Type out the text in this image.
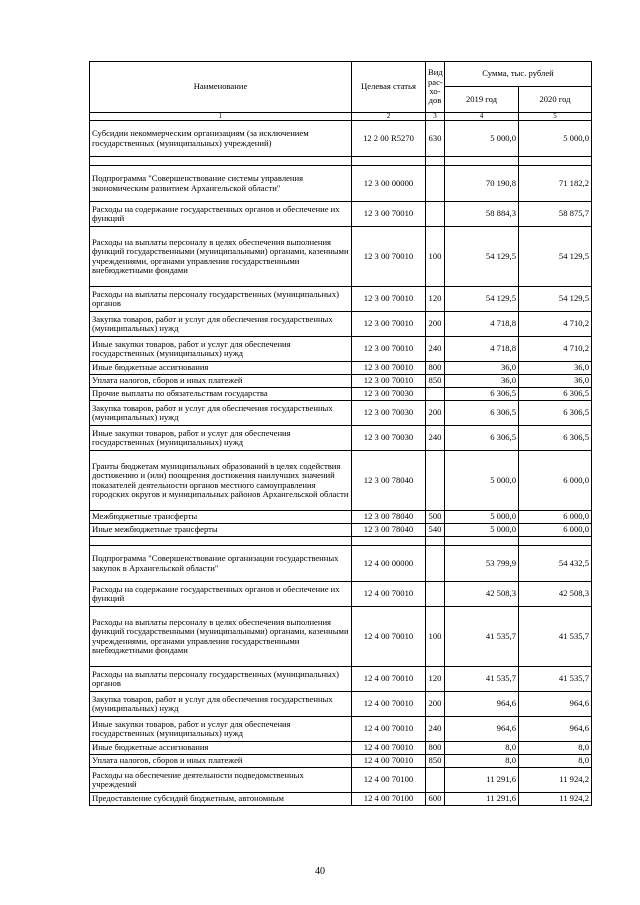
Наименование	Целевая статья	Вид рас- хо- дов	Сумма, тыс. рублей	
			2019 год	2020 год
1	2	3	4	5
Субсидии некоммерческим организациям (за исключением государственных (муниципальных) учреждений)	12 2 00 R5270	630	5 000,0	5 000,0

Подпрограмма "Совершенствование системы управления экономическим развитием Архангельской области"	12 3 00 00000		70 190,8	71 182,2
Расходы на содержание государственных органов и обеспечение их функций	12 3 00 70010		58 884,3	58 875,7
Расходы на выплаты персоналу в целях обеспечения выполнения функций государственными (муниципальными) органами, казенными учреждениями, органами управления государственными внебюджетными фондами	12 3 00 70010	100	54 129,5	54 129,5
Расходы на выплаты персоналу государственных (муниципальных) органов	12 3 00 70010	120	54 129,5	54 129,5
Закупка товаров, работ и услуг для обеспечения государственных (муниципальных) нужд	12 3 00 70010	200	4 718,8	4 710,2
Иные закупки товаров, работ и услуг для обеспечения государственных (муниципальных) нужд	12 3 00 70010	240	4 718,8	4 710,2
Иные бюджетные ассигнования	12 3 00 70010	800	36,0	36,0
Уплата налогов, сборов и иных платежей	12 3 00 70010	850	36,0	36,0
Прочие выплаты по обязательствам государства	12 3 00 70030		6 306,5	6 306,5
Закупка товаров, работ и услуг для обеспечения государственных (муниципальных) нужд	12 3 00 70030	200	6 306,5	6 306,5
Иные закупки товаров, работ и услуг для обеспечения государственных (муниципальных) нужд	12 3 00 70030	240	6 306,5	6 306,5
Гранты бюджетам муниципальных образований в целях содействия достижению и (или) поощрения достижения наилучших значений показателей деятельности органов местного самоуправления городских округов и муниципальных районов Архангельской области	12 3 00 78040		5 000,0	6 000,0
Межбюджетные трансферты	12 3 00 78040	500	5 000,0	6 000,0
Иные межбюджетные трансферты	12 3 00 78040	540	5 000,0	6 000,0

Подпрограмма "Совершенствование организации государственных закупок в Архангельской области"	12 4 00 00000		53 799,9	54 432,5
Расходы на содержание государственных органов и обеспечение их функций	12 4 00 70010		42 508,3	42 508,3
Расходы на выплаты персоналу в целях обеспечения выполнения функций государственными (муниципальными) органами, казенными учреждениями, органами управления государственными внебюджетными фондами	12 4 00 70010	100	41 535,7	41 535,7
Расходы на выплаты персоналу государственных (муниципальных) органов	12 4 00 70010	120	41 535,7	41 535,7
Закупка товаров, работ и услуг для обеспечения государственных (муниципальных) нужд	12 4 00 70010	200	964,6	964,6
Иные закупки товаров, работ и услуг для обеспечения государственных (муниципальных) нужд	12 4 00 70010	240	964,6	964,6
Иные бюджетные ассигнования	12 4 00 70010	800	8,0	8,0
Уплата налогов, сборов и иных платежей	12 4 00 70010	850	8,0	8,0
Расходы на обеспечение деятельности подведомственных учреждений	12 4 00 70100		11 291,6	11 924,2
Предоставление субсидий бюджетным, автономным	12 4 00 70100	600	11 291,6	11 924,2
40
